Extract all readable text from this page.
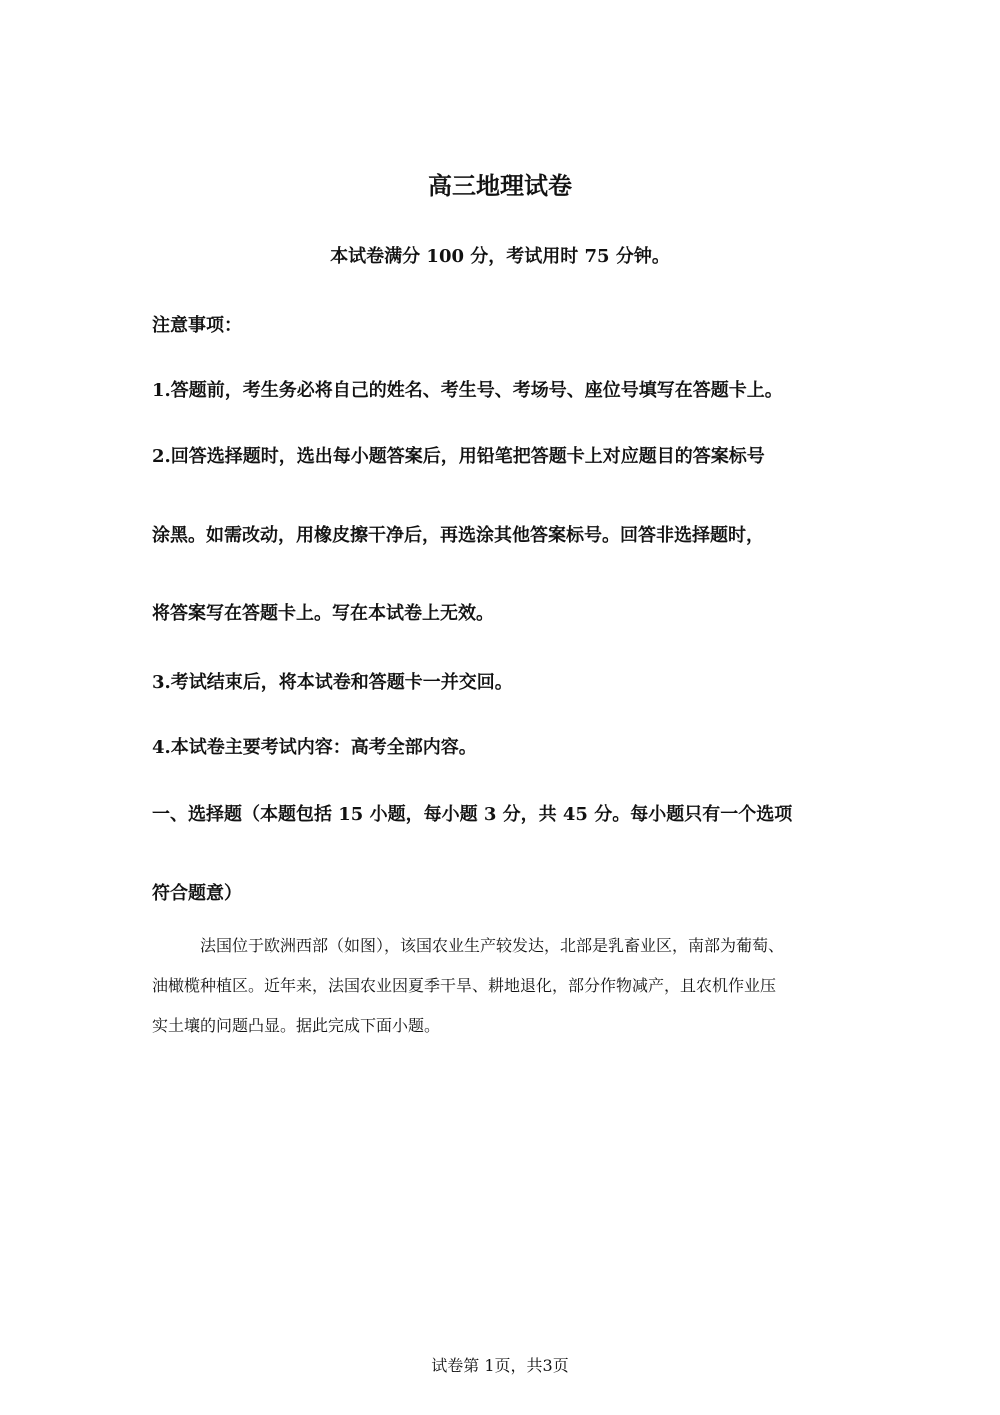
高三地理试卷
本试卷满分 100 分，考试用时 75 分钟。
注意事项：
1.答题前，考生务必将自己的姓名、考生号、考场号、座位号填写在答题卡上。
2.回答选择题时，选出每小题答案后，用铅笔把答题卡上对应题目的答案标号
涂黑。如需改动，用橡皮擦干净后，再选涂其他答案标号。回答非选择题时，
将答案写在答题卡上。写在本试卷上无效。
3.考试结束后，将本试卷和答题卡一并交回。
4.本试卷主要考试内容：高考全部内容。
一、选择题（本题包括 15 小题，每小题 3 分，共 45 分。每小题只有一个选项
符合题意）
法国位于欧洲西部（如图），该国农业生产较发达，北部是乳畜业区，南部为葡萄、
油橄榄种植区。近年来，法国农业因夏季干旱、耕地退化，部分作物减产，且农机作业压
实土壤的问题凸显。据此完成下面小题。
试卷第 1页，共3页
